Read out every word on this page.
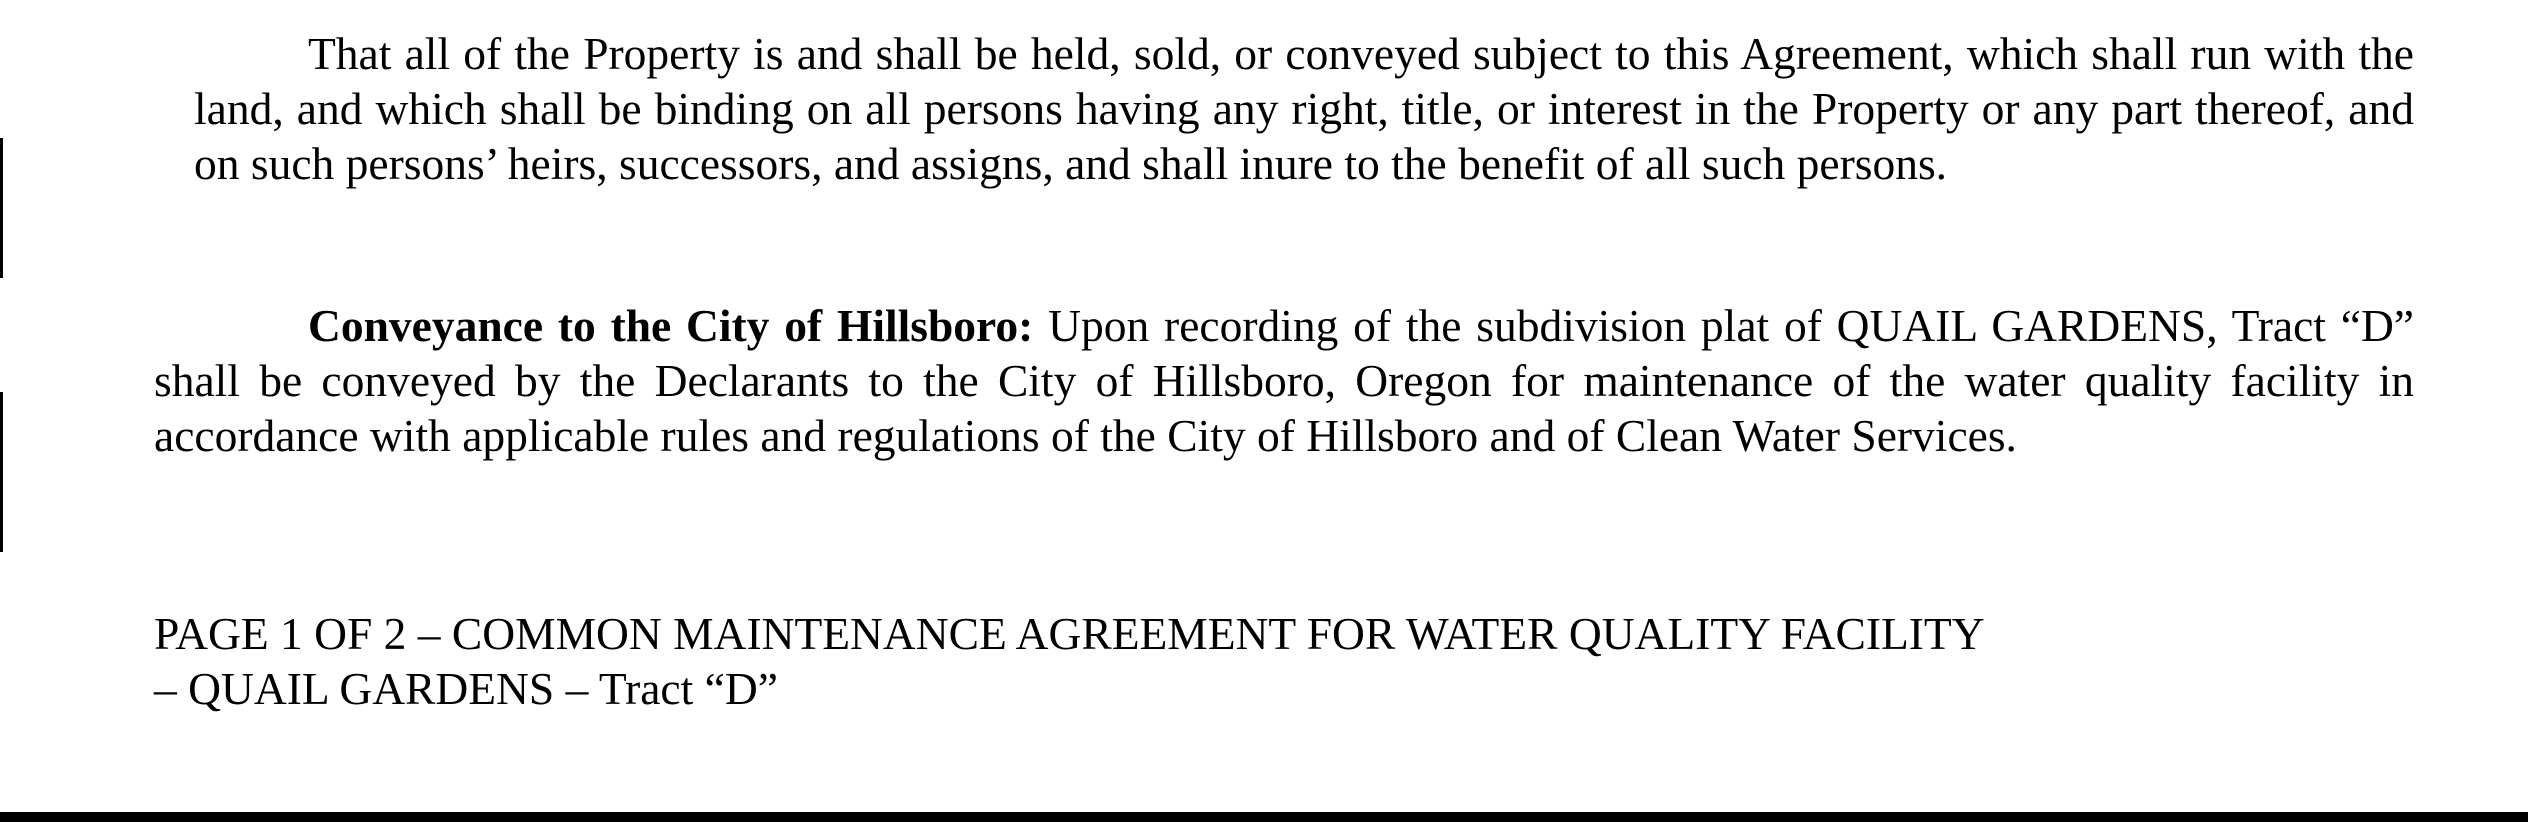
That all of the Property is and shall be held, sold, or conveyed subject to this Agreement, which shall run with the land, and which shall be binding on all persons having any right, title, or interest in the Property or any part thereof, and on such persons’ heirs, successors, and assigns, and shall inure to the benefit of all such persons.

Conveyance to the City of Hillsboro: Upon recording of the subdivision plat of QUAIL GARDENS, Tract “D” shall be conveyed by the Declarants to the City of Hillsboro, Oregon for maintenance of the water quality facility in accordance with applicable rules and regulations of the City of Hillsboro and of Clean Water Services.

PAGE 1 OF 2 – COMMON MAINTENANCE AGREEMENT FOR WATER QUALITY FACILITY
– QUAIL GARDENS – Tract “D”
